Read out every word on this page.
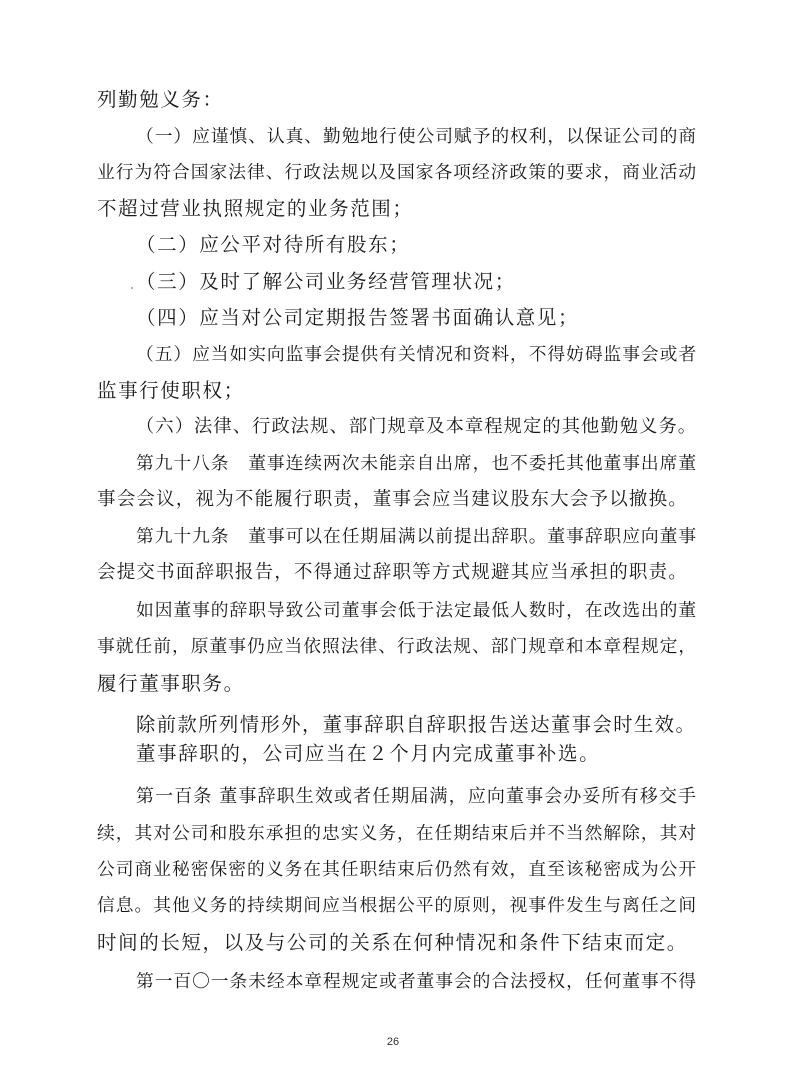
列勤勉义务：
（一）应谨慎、认真、勤勉地行使公司赋予的权利，以保证公司的商
业行为符合国家法律、行政法规以及国家各项经济政策的要求，商业活动
不超过营业执照规定的业务范围；
（二）应公平对待所有股东；
（三）及时了解公司业务经营管理状况；
（四）应当对公司定期报告签署书面确认意见；
（五）应当如实向监事会提供有关情况和资料，不得妨碍监事会或者
监事行使职权；
（六）法律、行政法规、部门规章及本章程规定的其他勤勉义务。
第九十八条　董事连续两次未能亲自出席，也不委托其他董事出席董
事会会议，视为不能履行职责，董事会应当建议股东大会予以撤换。
第九十九条　董事可以在任期届满以前提出辞职。董事辞职应向董事
会提交书面辞职报告，不得通过辞职等方式规避其应当承担的职责。
如因董事的辞职导致公司董事会低于法定最低人数时，在改选出的董
事就任前，原董事仍应当依照法律、行政法规、部门规章和本章程规定，
履行董事职务。
除前款所列情形外，董事辞职自辞职报告送达董事会时生效。
董事辞职的，公司应当在２个月内完成董事补选。
第一百条 董事辞职生效或者任期届满，应向董事会办妥所有移交手
续，其对公司和股东承担的忠实义务，在任期结束后并不当然解除，其对
公司商业秘密保密的义务在其任职结束后仍然有效，直至该秘密成为公开
信息。其他义务的持续期间应当根据公平的原则，视事件发生与离任之间
时间的长短，以及与公司的关系在何种情况和条件下结束而定。
第一百〇一条未经本章程规定或者董事会的合法授权，任何董事不得
26
